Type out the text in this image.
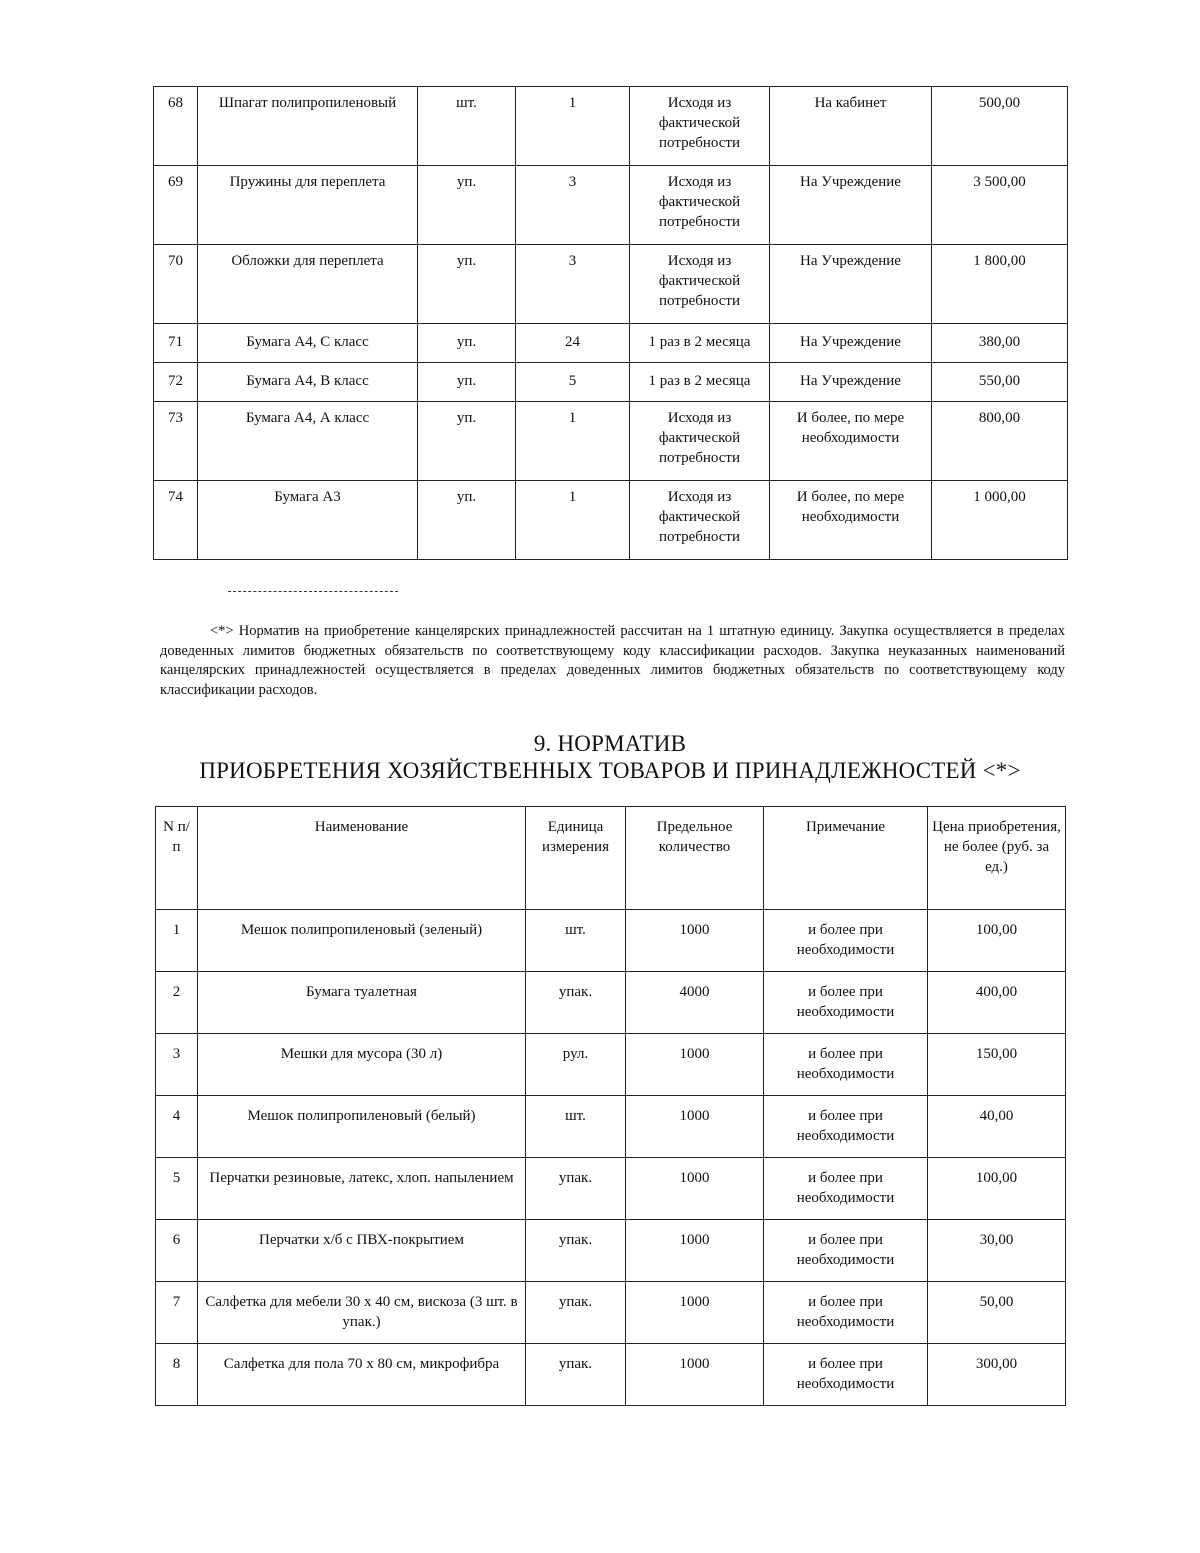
68	Шпагат полипропиленовый	шт.	1	Исходя из фактической потребности	На кабинет	500,00
69	Пружины для переплета	уп.	3	Исходя из фактической потребности	На Учреждение	3 500,00
70	Обложки для переплета	уп.	3	Исходя из фактической потребности	На Учреждение	1 800,00
71	Бумага А4, С класс	уп.	24	1 раз в 2 месяца	На Учреждение	380,00
72	Бумага А4, В класс	уп.	5	1 раз в 2 месяца	На Учреждение	550,00
73	Бумага А4, А класс	уп.	1	Исходя из фактической потребности	И более, по мере необходимости	800,00
74	Бумага А3	уп.	1	Исходя из фактической потребности	И более, по мере необходимости	1 000,00
<*> Норматив на приобретение канцелярских принадлежностей рассчитан на 1 штатную единицу. Закупка осуществляется в пределах доведенных лимитов бюджетных обязательств по соответствующему коду классификации расходов. Закупка неуказанных наименований канцелярских принадлежностей осуществляется в пределах доведенных лимитов бюджетных обязательств по соответствующему коду классификации расходов.
9. НОРМАТИВ
ПРИОБРЕТЕНИЯ ХОЗЯЙСТВЕННЫХ ТОВАРОВ И ПРИНАДЛЕЖНОСТЕЙ <*>
N п/п	Наименование	Единица измерения	Предельное количество	Примечание	Цена приобретения, не более (руб. за ед.)
1	Мешок полипропиленовый (зеленый)	шт.	1000	и более при необходимости	100,00
2	Бумага туалетная	упак.	4000	и более при необходимости	400,00
3	Мешки для мусора (30 л)	рул.	1000	и более при необходимости	150,00
4	Мешок полипропиленовый (белый)	шт.	1000	и более при необходимости	40,00
5	Перчатки резиновые, латекс, хлоп. напылением	упак.	1000	и более при необходимости	100,00
6	Перчатки х/б с ПВХ-покрытием	упак.	1000	и более при необходимости	30,00
7	Салфетка для мебели 30 х 40 см, вискоза (3 шт. в упак.)	упак.	1000	и более при необходимости	50,00
8	Салфетка для пола 70 х 80 см, микрофибра	упак.	1000	и более при необходимости	300,00
